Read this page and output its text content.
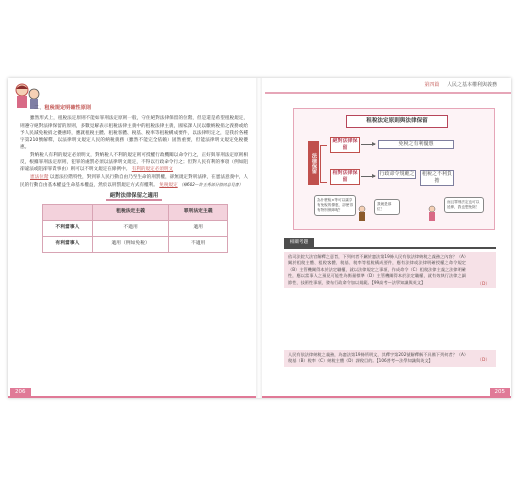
第四篇 人民之基本權利與義務
二、租稅規定明確性原則

雖然形式上，租稅法定原則不能如罪刑法定原則一般，守住絕對法律保留的位階，但是還是希望租稅規定，則遵守絕對法律保留的原則，多數見解表示租稅法律主義中的租稅法律主義，國家課人民以繳納稅捐之義務或給予人民減免稅捐之優惠時，應就租稅主體、租稅客體、稅基、稅率等租稅構成要件，以法律明定之，是我於各種字第210號解釋，以法律明文規定人民的納稅義務（雖然不能完全依賴）固然重要，但能法律明文規定免稅優惠。

對納稅人有利的規定必須明文，對納稅人不利的規定則可授權行政機關以命令行之，正好與罪刑法定原則相反，根據罪刑法定原則，犯罪的處罰必須以法律明文規定，不得以行政命令行之；但對人民有利的事項（例如阻卻違法或阻卻罪責事由）則可以不明文規定在條例中。 有利的規定必須明文

憲法位階 以憲法位階特性，對到罪人民行動自由乃至生命的刑罰權，卻無規定對刑法律，在憲法意義中，人民的行動自由基本權益生命基本權益，然於以刑罰規定方式有權利。 免稅規定 （釋602—許玉秀部分協同意見書）

絕對法律保留之適用
	租稅法定主義	罪刑法定主義
不利當事人	不適用	適用
有利當事人	適用（例如免稅）	不適用
租稅法定原則與法律保留
法律保留
絕對法律保留
相對法律保留
免稅之有利優惠
行政命令規範之	租稅之不利負擔
為什麼稅×等可以讓享有免稅的優惠，卻使得有特別保障呢？
我就是那位！
而且罪刑法定也可以延伸，我也想免除！
相關考題
依司法院大法官解釋之意旨，下列何者不屬於憲法第19條人民有依法律納稅之義務之內容？（A）關於租稅主體、租稅客體、稅基、稅率等租稅構成要件，應有法律或法律明確授權之命令規定（B）主管機關得本於法定職權，就以法律規定之事項，作成命令（C）租稅法律主義之法律明確性，應以當事人之預見可能性為衡量標準（D）主管機關得本於法定職權，就有效執行法律之細節性、技術性事項，發布行政命令加以規範。【99高考—法學知識與英文】	（D）
人民有依法律納稅之義務，為憲法第19條所明文，其釋字第202號解釋稱不具備下列何者？（A）稅基（B）稅率（C）納稅主體（D）課稅目的。【106普考—法學知識與英文】	（D）
206	205
